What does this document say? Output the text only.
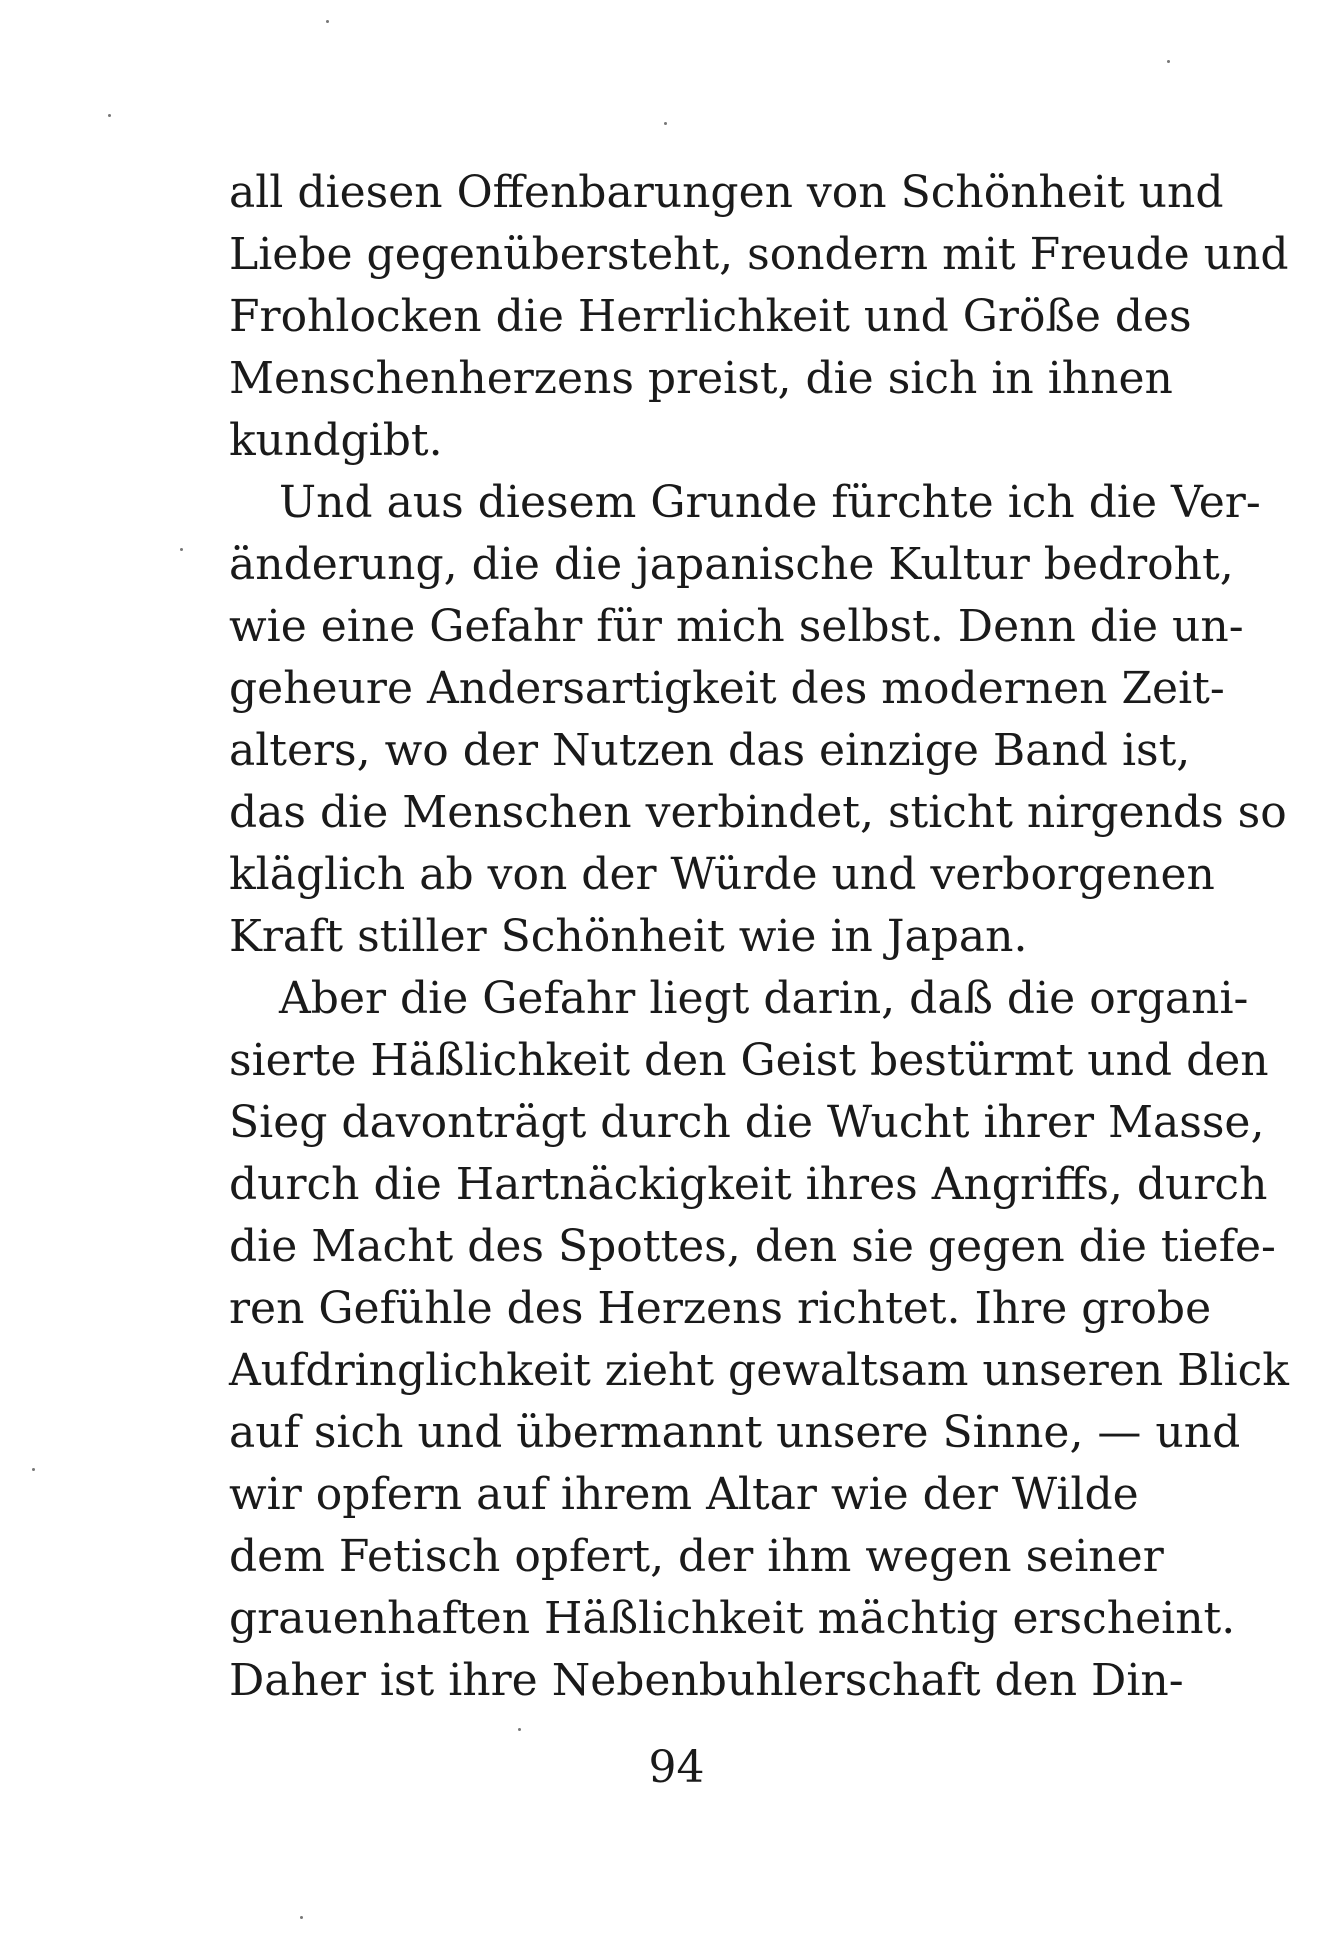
all diesen Offenbarungen von Schönheit und
Liebe gegenübersteht, sondern mit Freude und
Frohlocken die Herrlichkeit und Größe des
Menschenherzens preist, die sich in ihnen
kundgibt.
Und aus diesem Grunde fürchte ich die Ver-
änderung, die die japanische Kultur bedroht,
wie eine Gefahr für mich selbst. Denn die un-
geheure Andersartigkeit des modernen Zeit-
alters, wo der Nutzen das einzige Band ist,
das die Menschen verbindet, sticht nirgends so
kläglich ab von der Würde und verborgenen
Kraft stiller Schönheit wie in Japan.
Aber die Gefahr liegt darin, daß die organi-
sierte Häßlichkeit den Geist bestürmt und den
Sieg davonträgt durch die Wucht ihrer Masse,
durch die Hartnäckigkeit ihres Angriffs, durch
die Macht des Spottes, den sie gegen die tiefe-
ren Gefühle des Herzens richtet. Ihre grobe
Aufdringlichkeit zieht gewaltsam unseren Blick
auf sich und übermannt unsere Sinne, — und
wir opfern auf ihrem Altar wie der Wilde
dem Fetisch opfert, der ihm wegen seiner
grauenhaften Häßlichkeit mächtig erscheint.
Daher ist ihre Nebenbuhlerschaft den Din-
94
